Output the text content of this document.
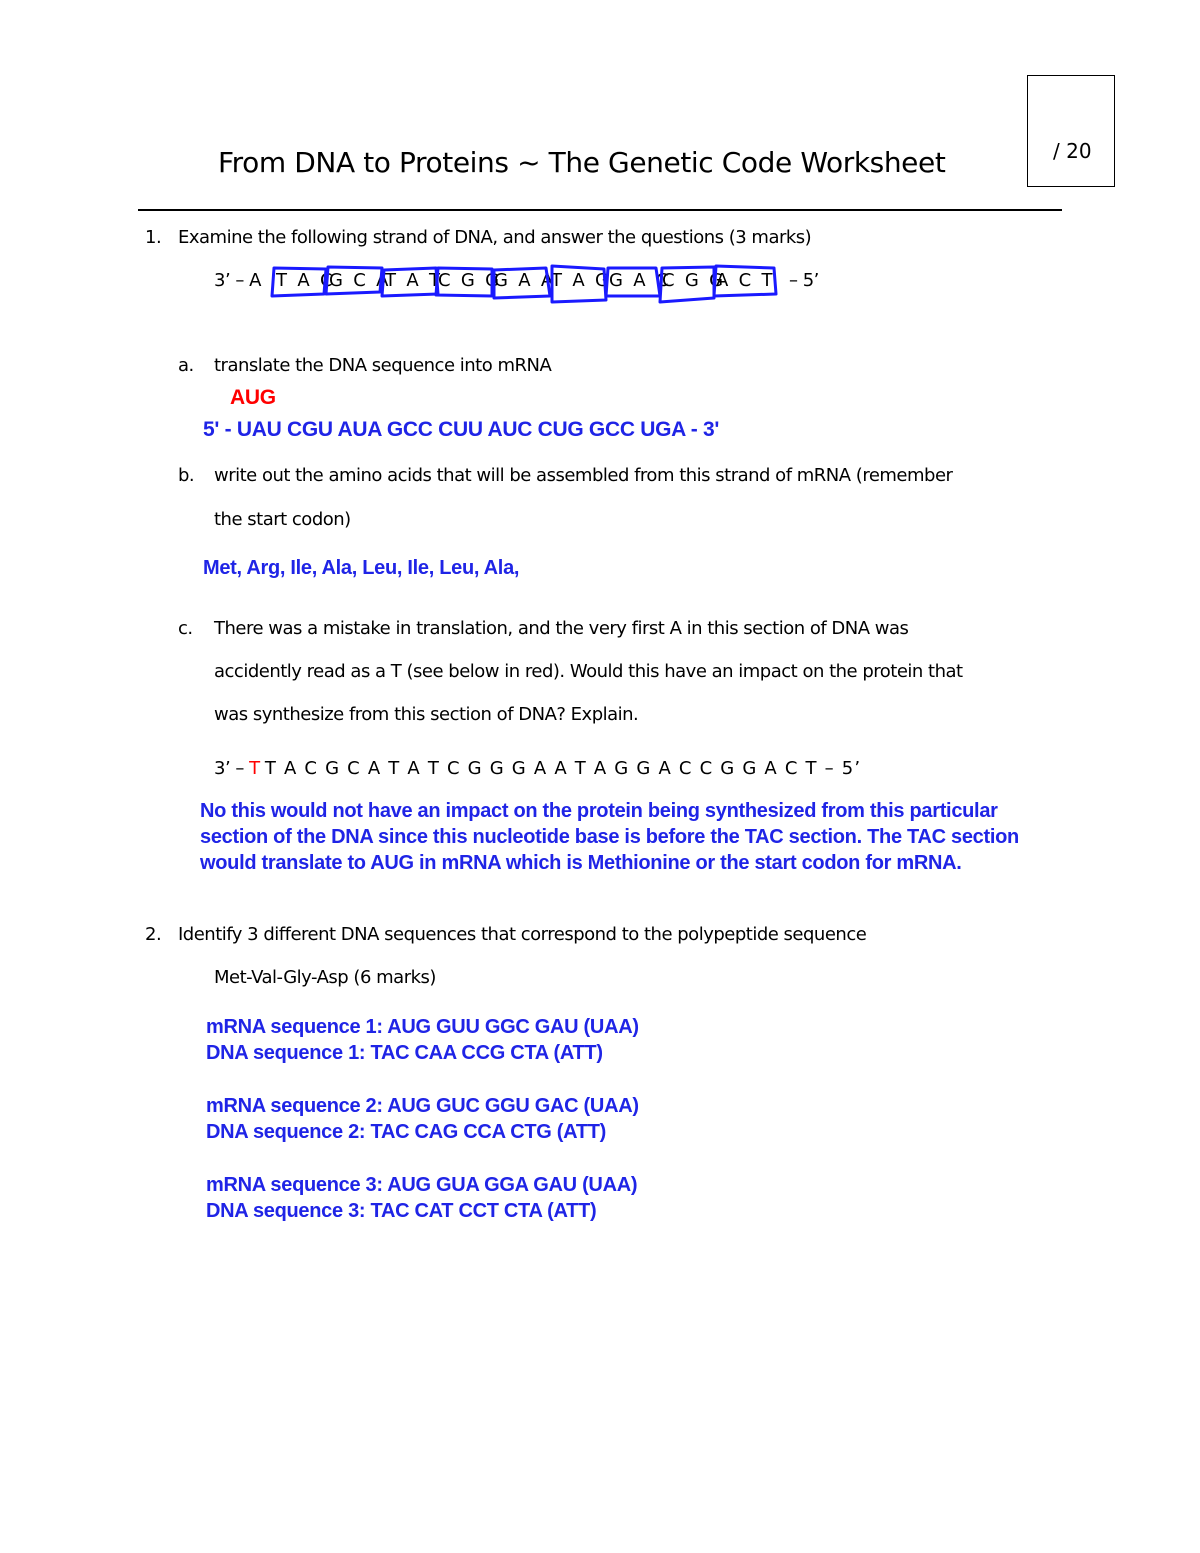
From DNA to Proteins ~ The Genetic Code Worksheet	/ 20
1. Examine the following strand of DNA, and answer the questions (3 marks)
3’ – A	– 5’
T A C
G C A
T A T
C G G
G A A
T A G
G A C
C G G
A C T
a. translate the DNA sequence into mRNA
AUG
5' - UAU CGU AUA GCC CUU AUC CUG GCC UGA - 3'
b. write out the amino acids that will be assembled from this strand of mRNA (remember
the start codon)
Met, Arg, Ile, Ala, Leu, Ile, Leu, Ala,
c. There was a mistake in translation, and the very first A in this section of DNA was
accidently read as a T (see below in red). Would this have an impact on the protein that
was synthesize from this section of DNA? Explain.
3’ – T T A C G C A T A T C G G G A A T A G G A C C G G A C T – 5’
No this would not have an impact on the protein being synthesized from this particular section of the DNA since this nucleotide base is before the TAC section. The TAC section would translate to AUG in mRNA which is Methionine or the start codon for mRNA.
2. Identify 3 different DNA sequences that correspond to the polypeptide sequence
Met-Val-Gly-Asp (6 marks)
mRNA sequence 1: AUG GUU GGC GAU (UAA)
DNA sequence 1: TAC CAA CCG CTA (ATT)
mRNA sequence 2: AUG GUC GGU GAC (UAA)
DNA sequence 2: TAC CAG CCA CTG (ATT)
mRNA sequence 3: AUG GUA GGA GAU (UAA)
DNA sequence 3: TAC CAT CCT CTA (ATT)
